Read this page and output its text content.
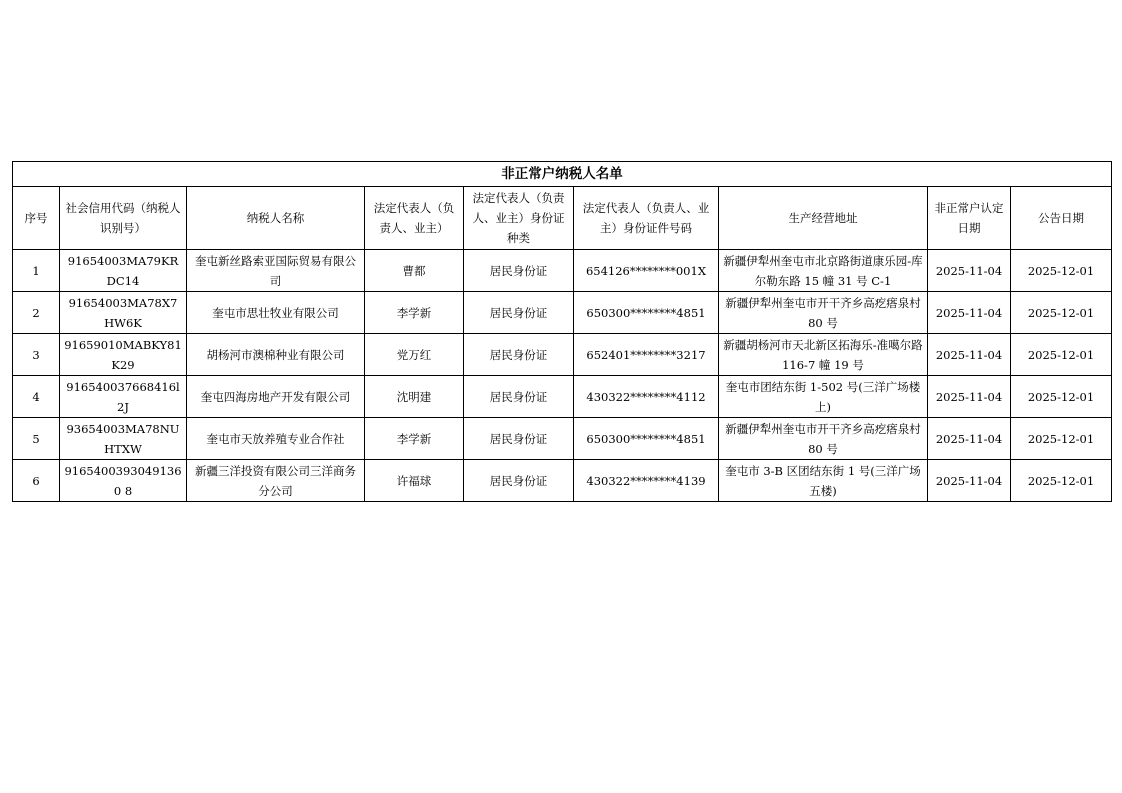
非正常户纳税人名单								
序号	社会信用代码（纳税人识别号）	纳税人名称	法定代表人（负责人、业主）	法定代表人（负责人、业主）身份证种类	法定代表人（负责人、业主）身份证件号码	生产经营地址	非正常户认定日期	公告日期
1	91654003MA79KRDC14	奎屯新丝路索亚国际贸易有限公司	曹都	居民身份证	654126********001X	新疆伊犁州奎屯市北京路街道康乐园-库尔勒东路 15 幢 31 号 C-1	2025-11-04	2025-12-01
2	91654003MA78X7HW6K	奎屯市思壮牧业有限公司	李学新	居民身份证	650300********4851	新疆伊犁州奎屯市开干齐乡高疙瘩泉村 80 号	2025-11-04	2025-12-01
3	91659010MABKY81K29	胡杨河市澳棉种业有限公司	党万红	居民身份证	652401********3217	新疆胡杨河市天北新区拓海乐-准噶尔路 116-7 幢 19 号	2025-11-04	2025-12-01
4	916540037668416l2J	奎屯四海房地产开发有限公司	沈明建	居民身份证	430322********4112	奎屯市团结东街 1-502 号(三洋广场楼上)	2025-11-04	2025-12-01
5	93654003MA78NUHTXW	奎屯市天放养殖专业合作社	李学新	居民身份证	650300********4851	新疆伊犁州奎屯市开干齐乡高疙瘩泉村 80 号	2025-11-04	2025-12-01
6	91654003930491360 8	新疆三洋投资有限公司三洋商务分公司	许福球	居民身份证	430322********4139	奎屯市 3-B 区团结东街 1 号(三洋广场五楼)	2025-11-04	2025-12-01
